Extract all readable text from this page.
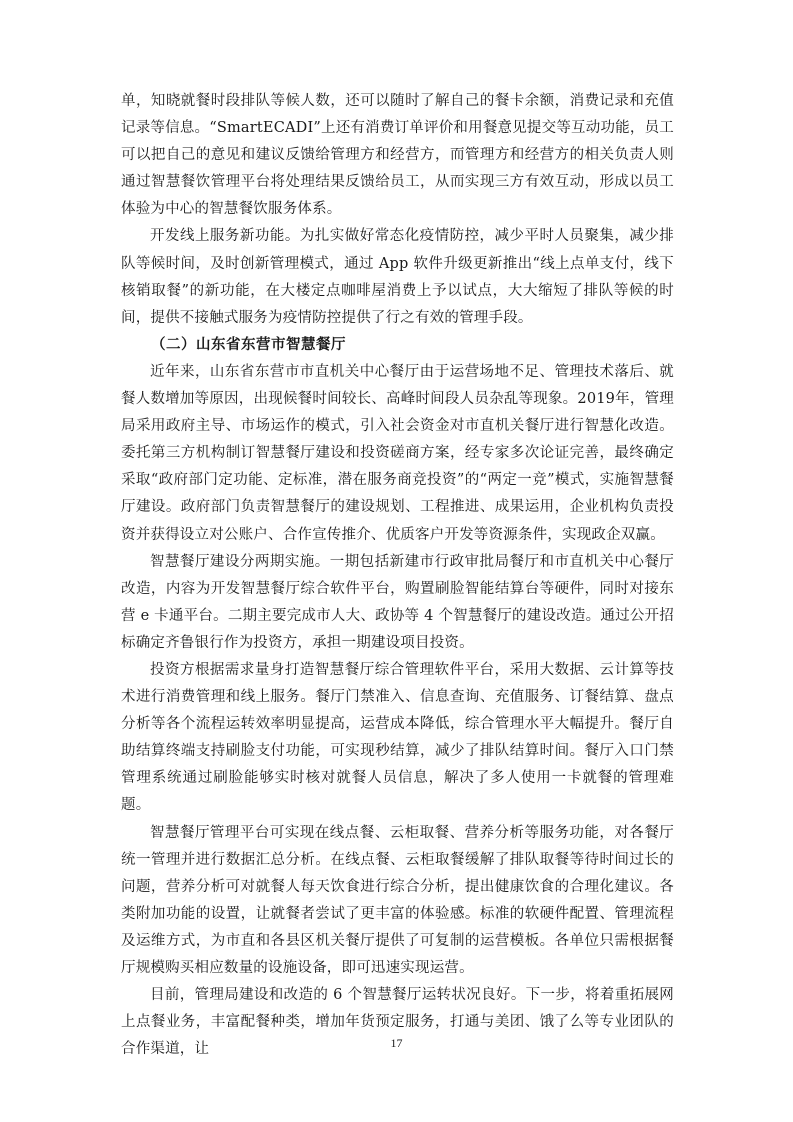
单，知晓就餐时段排队等候人数，还可以随时了解自己的餐卡余额，消费记录和充值记录等信息。“SmartECADI”上还有消费订单评价和用餐意见提交等互动功能，员工可以把自己的意见和建议反馈给管理方和经营方，而管理方和经营方的相关负责人则通过智慧餐饮管理平台将处理结果反馈给员工，从而实现三方有效互动，形成以员工体验为中心的智慧餐饮服务体系。

开发线上服务新功能。为扎实做好常态化疫情防控，减少平时人员聚集，减少排队等候时间，及时创新管理模式，通过 App 软件升级更新推出“线上点单支付，线下核销取餐”的新功能，在大楼定点咖啡屋消费上予以试点，大大缩短了排队等候的时间，提供不接触式服务为疫情防控提供了行之有效的管理手段。

（二）山东省东营市智慧餐厅

近年来，山东省东营市市直机关中心餐厅由于运营场地不足、管理技术落后、就餐人数增加等原因，出现候餐时间较长、高峰时间段人员杂乱等现象。2019年，管理局采用政府主导、市场运作的模式，引入社会资金对市直机关餐厅进行智慧化改造。委托第三方机构制订智慧餐厅建设和投资磋商方案，经专家多次论证完善，最终确定采取“政府部门定功能、定标准，潜在服务商竞投资”的“两定一竞”模式，实施智慧餐厅建设。政府部门负责智慧餐厅的建设规划、工程推进、成果运用，企业机构负责投资并获得设立对公账户、合作宣传推介、优质客户开发等资源条件，实现政企双赢。

智慧餐厅建设分两期实施。一期包括新建市行政审批局餐厅和市直机关中心餐厅改造，内容为开发智慧餐厅综合软件平台，购置刷脸智能结算台等硬件，同时对接东营 e 卡通平台。二期主要完成市人大、政协等 4 个智慧餐厅的建设改造。通过公开招标确定齐鲁银行作为投资方，承担一期建设项目投资。

投资方根据需求量身打造智慧餐厅综合管理软件平台，采用大数据、云计算等技术进行消费管理和线上服务。餐厅门禁准入、信息查询、充值服务、订餐结算、盘点分析等各个流程运转效率明显提高，运营成本降低，综合管理水平大幅提升。餐厅自助结算终端支持刷脸支付功能，可实现秒结算，减少了排队结算时间。餐厅入口门禁管理系统通过刷脸能够实时核对就餐人员信息，解决了多人使用一卡就餐的管理难题。

智慧餐厅管理平台可实现在线点餐、云柜取餐、营养分析等服务功能，对各餐厅统一管理并进行数据汇总分析。在线点餐、云柜取餐缓解了排队取餐等待时间过长的问题，营养分析可对就餐人每天饮食进行综合分析，提出健康饮食的合理化建议。各类附加功能的设置，让就餐者尝试了更丰富的体验感。标准的软硬件配置、管理流程及运维方式，为市直和各县区机关餐厅提供了可复制的运营模板。各单位只需根据餐厅规模购买相应数量的设施设备，即可迅速实现运营。

目前，管理局建设和改造的 6 个智慧餐厅运转状况良好。下一步，将着重拓展网上点餐业务，丰富配餐种类，增加年货预定服务，打通与美团、饿了么等专业团队的合作渠道，让	17
